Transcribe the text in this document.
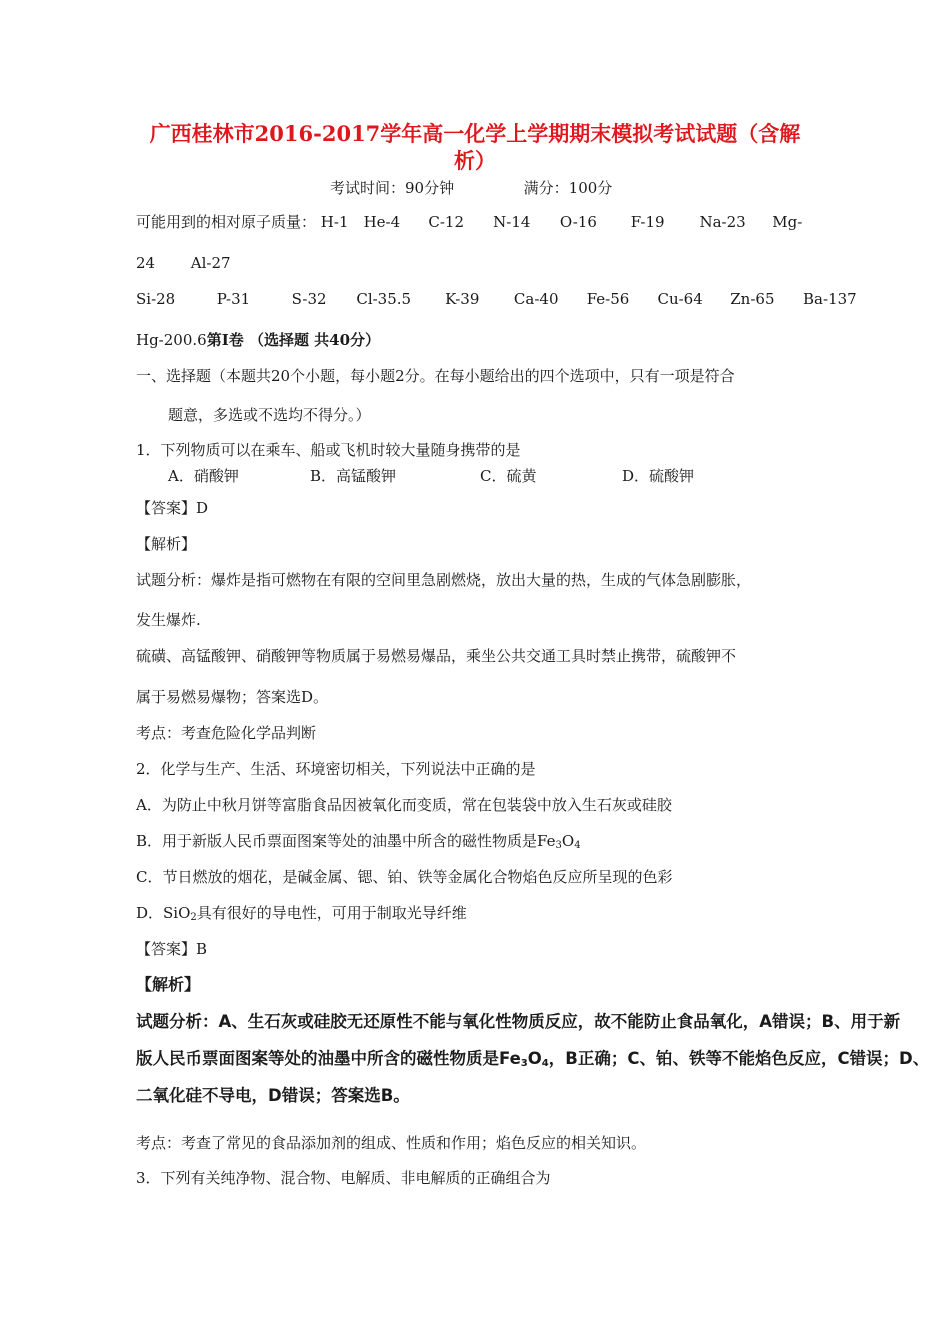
广西桂林市2016-2017学年高一化学上学期期末模拟考试试题（含解
析）
考试时间：90分钟	满分：100分
可能用到的相对原子质量： H-1 He-4 C-12 N-14 O-16 F-19 Na-23 Mg-
24 Al-27
Si-28	P-31	S-32 Cl-35.5 K-39 Ca-40 Fe-56 Cu-64 Zn-65 Ba-137
Hg-200.6第Ⅰ卷 （选择题 共40分）
一、选择题（本题共20个小题，每小题2分。在每小题给出的四个选项中，只有一项是符合
题意，多选或不选均不得分。）
1．下列物质可以在乘车、船或飞机时较大量随身携带的是
A．硝酸钾	B．高锰酸钾	C．硫黄	D．硫酸钾
【答案】D
【解析】
试题分析：爆炸是指可燃物在有限的空间里急剧燃烧，放出大量的热，生成的气体急剧膨胀，
发生爆炸.
硫磺、高锰酸钾、硝酸钾等物质属于易燃易爆品，乘坐公共交通工具时禁止携带，硫酸钾不
属于易燃易爆物；答案选D。
考点：考查危险化学品判断
2．化学与生产、生活、环境密切相关，下列说法中正确的是
A．为防止中秋月饼等富脂食品因被氧化而变质，常在包装袋中放入生石灰或硅胶
B．用于新版人民币票面图案等处的油墨中所含的磁性物质是$Fe_3O_4$
C．节日燃放的烟花，是碱金属、锶、铂、铁等金属化合物焰色反应所呈现的色彩
D．SiO$_2$具有很好的导电性，可用于制取光导纤维
【答案】B
【解析】
试题分析：A、生石灰或硅胶无还原性不能与氧化性物质反应，故不能防止食品氧化，A错误；B、用于新
版人民币票面图案等处的油墨中所含的磁性物质是$Fe_3O_4$，B正确；C、铂、铁等不能焰色反应，C错误；D、
二氧化硅不导电，D错误；答案选B。
考点：考查了常见的食品添加剂的组成、性质和作用；焰色反应的相关知识。
3．下列有关纯净物、混合物、电解质、非电解质的正确组合为
